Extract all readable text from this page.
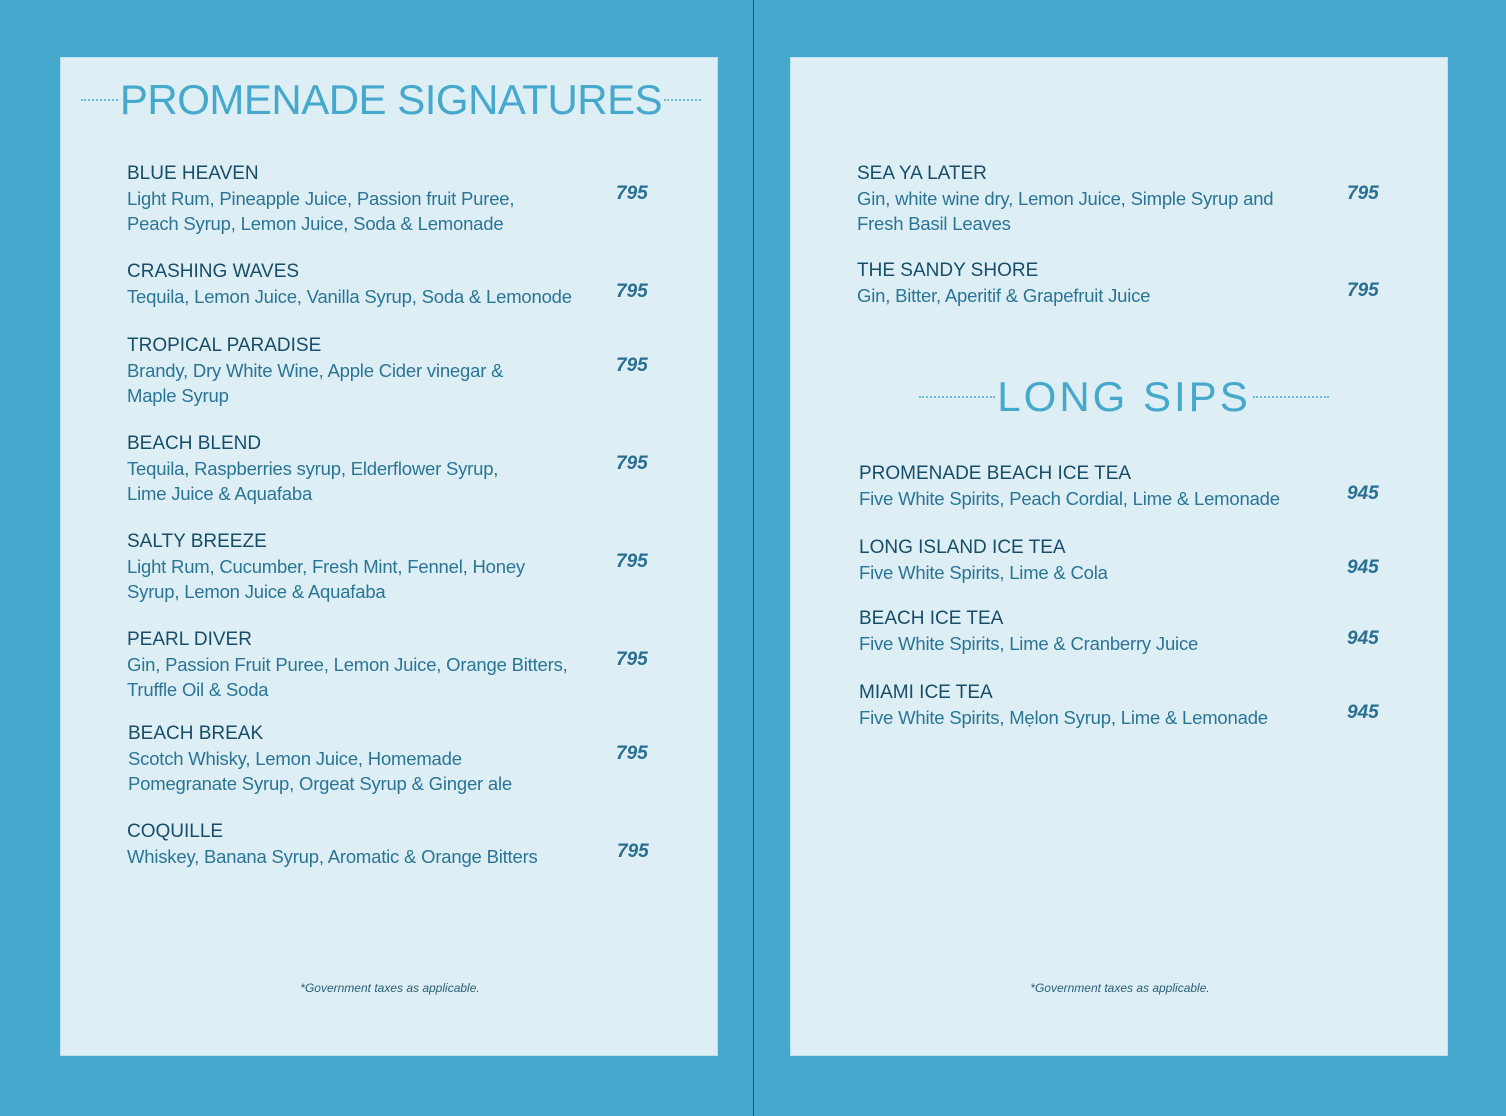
PROMENADE SIGNATURES
BLUE HEAVEN
Light Rum, Pineapple Juice, Passion fruit Puree, Peach Syrup, Lemon Juice, Soda & Lemonade
795
CRASHING WAVES
Tequila, Lemon Juice, Vanilla Syrup, Soda & Lemonode	795
TROPICAL PARADISE
Brandy, Dry White Wine, Apple Cider vinegar & Maple Syrup
795
BEACH BLEND
Tequila, Raspberries syrup, Elderflower Syrup, Lime Juice & Aquafaba
795
SALTY BREEZE
Light Rum, Cucumber, Fresh Mint, Fennel, Honey Syrup, Lemon Juice & Aquafaba
795
PEARL DIVER
Gin, Passion Fruit Puree, Lemon Juice, Orange Bitters, Truffle Oil & Soda
795
BEACH BREAK
Scotch Whisky, Lemon Juice, Homemade Pomegranate Syrup, Orgeat Syrup & Ginger ale
795
COQUILLE
Whiskey, Banana Syrup, Aromatic & Orange Bitters	795
*Government taxes as applicable.
SEA YA LATER
Gin, white wine dry, Lemon Juice, Simple Syrup and Fresh Basil Leaves
795
THE SANDY SHORE
Gin, Bitter, Aperitif & Grapefruit Juice	795
LONG SIPS
PROMENADE BEACH ICE TEA
Five White Spirits, Peach Cordial, Lime & Lemonade	945
LONG ISLAND ICE TEA
Five White Spirits, Lime & Cola	945
BEACH ICE TEA
Five White Spirits, Lime & Cranberry Juice	945
MIAMI ICE TEA
Five White Spirits, Mẹlon Syrup, Lime & Lemonade	945
*Government taxes as applicable.
